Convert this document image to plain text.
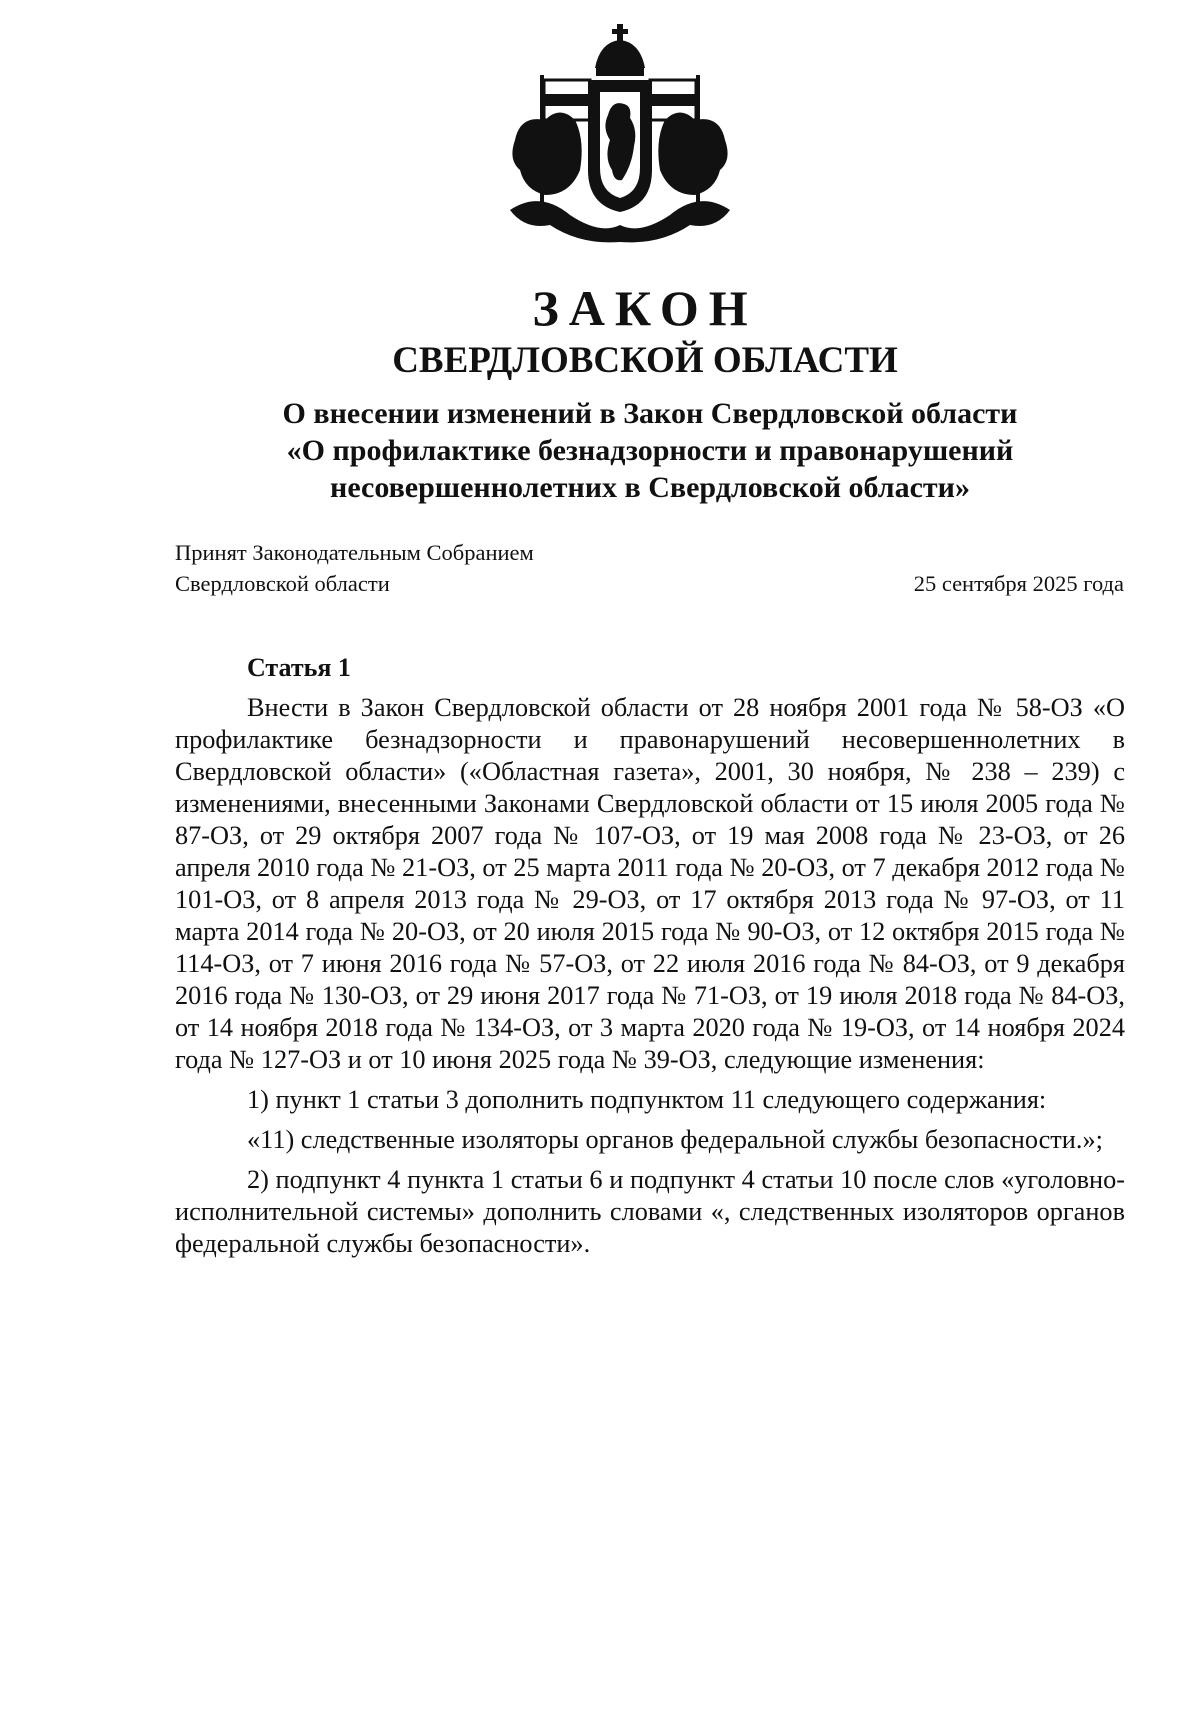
ЗАКОН
СВЕРДЛОВСКОЙ ОБЛАСТИ
О внесении изменений в Закон Свердловской области
«О профилактике безнадзорности и правонарушений
несовершеннолетних в Свердловской области»
Принят Законодательным Собранием
Свердловской области	25 сентября 2025 года
Статья 1

Внести в Закон Свердловской области от 28 ноября 2001 года № 58-ОЗ «О профилактике безнадзорности и правонарушений несовершеннолетних в Свердловской области» («Областная газета», 2001, 30 ноября, № 238 – 239) с изменениями, внесенными Законами Свердловской области от 15 июля 2005 года № 87-ОЗ, от 29 октября 2007 года № 107-ОЗ, от 19 мая 2008 года № 23-ОЗ, от 26 апреля 2010 года № 21-ОЗ, от 25 марта 2011 года № 20-ОЗ, от 7 декабря 2012 года № 101-ОЗ, от 8 апреля 2013 года № 29-ОЗ, от 17 октября 2013 года № 97-ОЗ, от 11 марта 2014 года № 20-ОЗ, от 20 июля 2015 года № 90-ОЗ, от 12 октября 2015 года № 114-ОЗ, от 7 июня 2016 года № 57-ОЗ, от 22 июля 2016 года № 84-ОЗ, от 9 декабря 2016 года № 130-ОЗ, от 29 июня 2017 года № 71-ОЗ, от 19 июля 2018 года № 84-ОЗ, от 14 ноября 2018 года № 134-ОЗ, от 3 марта 2020 года № 19-ОЗ, от 14 ноября 2024 года № 127-ОЗ и от 10 июня 2025 года № 39-ОЗ, следующие изменения:

1) пункт 1 статьи 3 дополнить подпунктом 11 следующего содержания:

«11) следственные изоляторы органов федеральной службы безопасности.»;

2) подпункт 4 пункта 1 статьи 6 и подпункт 4 статьи 10 после слов «уголовно-исполнительной системы» дополнить словами «, следственных изоляторов органов федеральной службы безопасности».
